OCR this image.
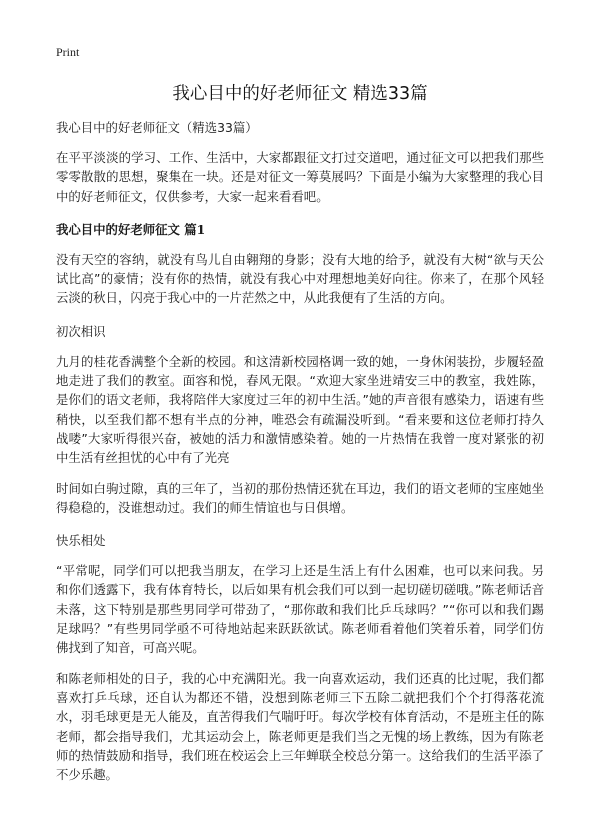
Print
我心目中的好老师征文 精选33篇
我心目中的好老师征文（精选33篇）
在平平淡淡的学习、工作、生活中，大家都跟征文打过交道吧，通过征文可以把我们那些零零散散的思想，聚集在一块。还是对征文一筹莫展吗？下面是小编为大家整理的我心目中的好老师征文，仅供参考，大家一起来看看吧。
我心目中的好老师征文 篇1
没有天空的容纳，就没有鸟儿自由翱翔的身影；没有大地的给予，就没有大树“欲与天公试比高”的豪情；没有你的热情，就没有我心中对理想地美好向往。你来了，在那个风轻云淡的秋日，闪亮于我心中的一片茫然之中，从此我便有了生活的方向。
初次相识
九月的桂花香满整个全新的校园。和这清新校园格调一致的她，一身休闲装扮，步履轻盈地走进了我们的教室。面容和悦，春风无限。“欢迎大家坐进靖安三中的教室，我姓陈，是你们的语文老师，我将陪伴大家度过三年的初中生活。”她的声音很有感染力，语速有些稍快，以至我们都不想有半点的分神，唯恐会有疏漏没听到。“看来要和这位老师打持久战喽”大家听得很兴奋，被她的活力和激情感染着。她的一片热情在我曾一度对紧张的初中生活有丝担忧的心中有了光亮
时间如白驹过隙，真的三年了，当初的那份热情还犹在耳边，我们的语文老师的宝座她坐得稳稳的，没谁想动过。我们的师生情谊也与日俱增。
快乐相处
“平常呢，同学们可以把我当朋友，在学习上还是生活上有什么困难，也可以来问我。另和你们透露下，我有体育特长，以后如果有机会我们可以到一起切磋切磋哦。”陈老师话音未落，这下特别是那些男同学可带劲了，“那你敢和我们比乒乓球吗？”“你可以和我们踢足球吗？”有些男同学亟不可待地站起来跃跃欲试。陈老师看着他们笑着乐着，同学们仿佛找到了知音，可高兴呢。
和陈老师相处的日子，我的心中充满阳光。我一向喜欢运动，我们还真的比过呢，我们都喜欢打乒乓球，还自认为都还不错，没想到陈老师三下五除二就把我们个个打得落花流水，羽毛球更是无人能及，直苦得我们气喘吁吁。每次学校有体育活动，不是班主任的陈老师，都会指导我们，尤其运动会上，陈老师更是我们当之无愧的场上教练，因为有陈老师的热情鼓励和指导，我们班在校运会上三年蝉联全校总分第一。这给我们的生活平添了不少乐趣。
